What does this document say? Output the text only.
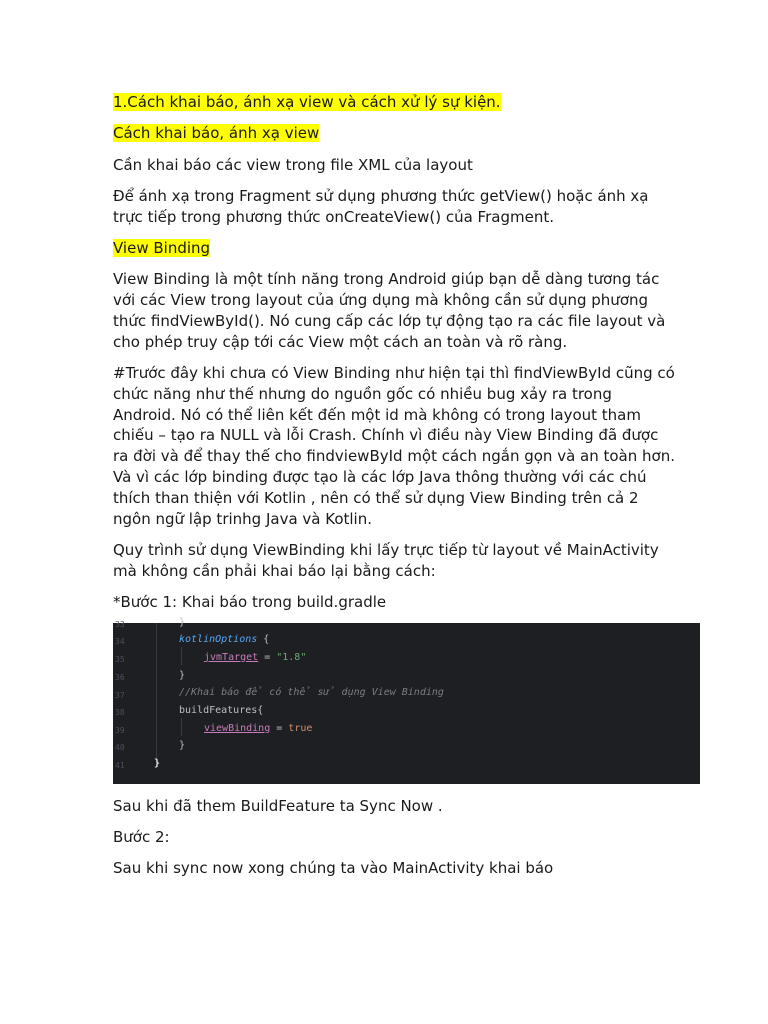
1.Cách khai báo, ánh xạ view và cách xử lý sự kiện.

Cách khai báo, ánh xạ view

Cần khai báo các view trong file XML của layout

Để ánh xạ trong Fragment sử dụng phương thức getView() hoặc ánh xạ
trực tiếp trong phương thức onCreateView() của Fragment.

View Binding

View Binding là một tính năng trong Android giúp bạn dễ dàng tương tác
với các View trong layout của ứng dụng mà không cần sử dụng phương
thức findViewById(). Nó cung cấp các lớp tự động tạo ra các file layout và
cho phép truy cập tới các View một cách an toàn và rõ ràng.

#Trước đây khi chưa có View Binding như hiện tại thì findViewById cũng có
chức năng như thế nhưng do nguồn gốc có nhiều bug xảy ra trong
Android. Nó có thể liên kết đến một id mà không có trong layout tham
chiếu – tạo ra NULL và lỗi Crash. Chính vì điều này View Binding đã được
ra đời và để thay thế cho findviewById một cách ngắn gọn và an toàn hơn.
Và vì các lớp binding được tạo là các lớp Java thông thường với các chú
thích than thiện với Kotlin , nên có thể sử dụng View Binding trên cả 2
ngôn ngữ lập trinhg Java và Kotlin.

Quy trình sử dụng ViewBinding khi lấy trực tiếp từ layout về MainActivity
mà không cần phải khai báo lại bằng cách:

*Bước 1: Khai báo trong build.gradle

33
34
35
36
37
38
39
40
41
}
kotlinOptions {
jvmTarget = "1.8"
}
//Khai báo để có thể sử dụng View Binding
buildFeatures{
viewBinding = true
}
}

Sau khi đã them BuildFeature ta Sync Now .

Bước 2:

Sau khi sync now xong chúng ta vào MainActivity khai báo
